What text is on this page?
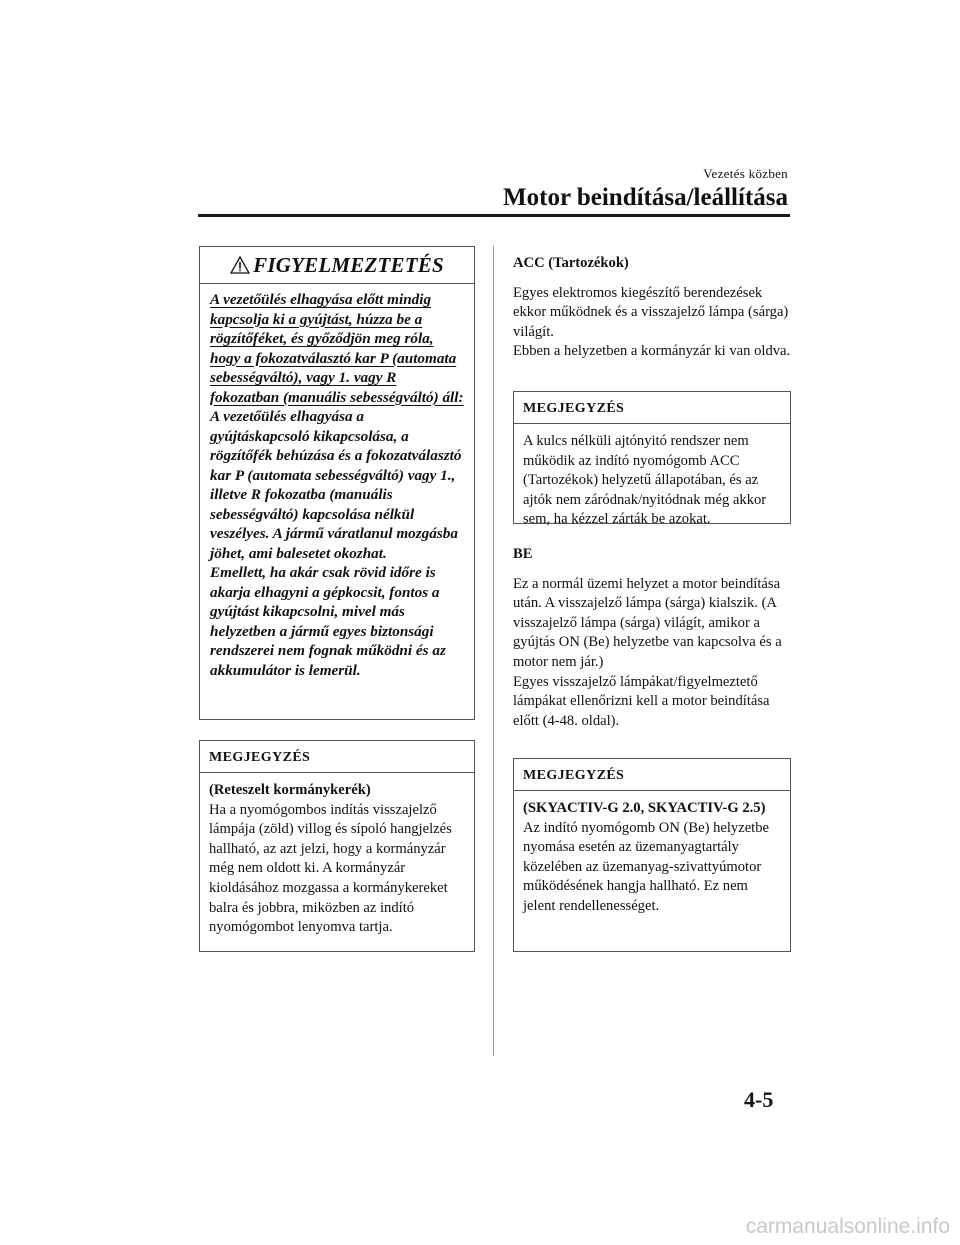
Vezetés közben
Motor beindítása/leállítása
FIGYELMEZTETÉS

A vezetőülés elhagyása előtt mindig kapcsolja ki a gyújtást, húzza be a rögzítőféket, és győződjön meg róla, hogy a fokozatválasztó kar P (automata sebességváltó), vagy 1. vagy R fokozatban (manuális sebességváltó) áll:

A vezetőülés elhagyása a gyújtáskapcsoló kikapcsolása, a rögzítőfék behúzása és a fokozatválasztó kar P (automata sebességváltó) vagy 1., illetve R fokozatba (manuális sebességváltó) kapcsolása nélkül veszélyes. A jármű váratlanul mozgásba jöhet, ami balesetet okozhat.

Emellett, ha akár csak rövid időre is akarja elhagyni a gépkocsit, fontos a gyújtást kikapcsolni, mivel más helyzetben a jármű egyes biztonsági rendszerei nem fognak működni és az akkumulátor is lemerül.

MEGJEGYZÉS

(Reteszelt kormánykerék)

Ha a nyomógombos indítás visszajelző lámpája (zöld) villog és sípoló hangjelzés hallható, az azt jelzi, hogy a kormányzár még nem oldott ki. A kormányzár kioldásához mozgassa a kormánykereket balra és jobbra, miközben az indító nyomógombot lenyomva tartja.

ACC (Tartozékok)

Egyes elektromos kiegészítő berendezések ekkor működnek és a visszajelző lámpa (sárga) világít.

Ebben a helyzetben a kormányzár ki van oldva.

MEGJEGYZÉS

A kulcs nélküli ajtónyitó rendszer nem működik az indító nyomógomb ACC (Tartozékok) helyzetű állapotában, és az ajtók nem záródnak/nyitódnak még akkor sem, ha kézzel zárták be azokat.

BE

Ez a normál üzemi helyzet a motor beindítása után. A visszajelző lámpa (sárga) kialszik. (A visszajelző lámpa (sárga) világít, amikor a gyújtás ON (Be) helyzetbe van kapcsolva és a motor nem jár.)

Egyes visszajelző lámpákat/figyelmeztető lámpákat ellenőrizni kell a motor beindítása előtt (4-48. oldal).

MEGJEGYZÉS

(SKYACTIV-G 2.0, SKYACTIV-G 2.5)

Az indító nyomógomb ON (Be) helyzetbe nyomása esetén az üzemanyagtartály közelében az üzemanyag-szivattyúmotor működésének hangja hallható. Ez nem jelent rendellenességet.

4-5
carmanualsonline.info
